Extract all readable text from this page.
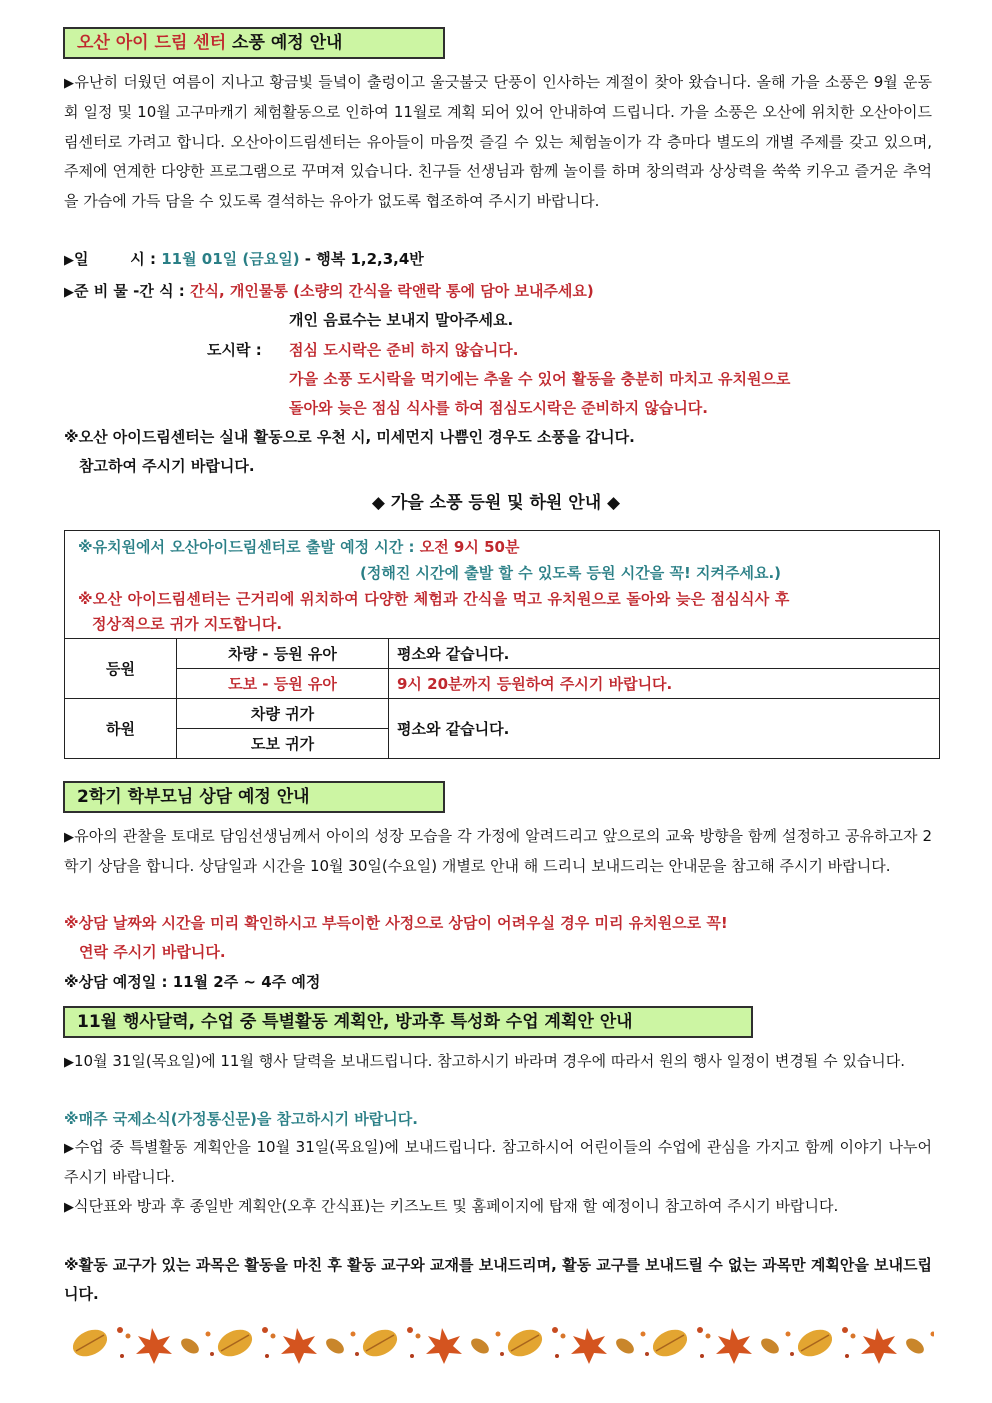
오산 아이 드림 센터 소풍 예정 안내
▶유난히 더웠던 여름이 지나고 황금빛 들녘이 출렁이고 울긋불긋 단풍이 인사하는 계절이 찾아 왔습니다. 올해 가을 소풍은 9월 운동회 일정 및 10월 고구마캐기 체험활동으로 인하여 11월로 계획 되어 있어 안내하여 드립니다. 가을 소풍은 오산에 위치한 오산아이드림센터로 가려고 합니다. 오산아이드림센터는 유아들이 마음껏 즐길 수 있는 체험놀이가 각 층마다 별도의 개별 주제를 갖고 있으며, 주제에 연계한 다양한 프로그램으로 꾸며져 있습니다. 친구들 선생님과 함께 놀이를 하며 창의력과 상상력을 쑥쑥 키우고 즐거운 추억을 가슴에 가득 담을 수 있도록 결석하는 유아가 없도록 협조하여 주시기 바랍니다.
▶일        시 : 11월 01일 (금요일) - 행복 1,2,3,4반
▶준 비 물 -간 식 : 간식, 개인물통 (소량의 간식을 락앤락 통에 담아 보내주세요)
개인 음료수는 보내지 말아주세요.
도시락 : 점심 도시락은 준비 하지 않습니다.
가을 소풍 도시락을 먹기에는 추울 수 있어 활동을 충분히 마치고 유치원으로
돌아와 늦은 점심 식사를 하여 점심도시락은 준비하지 않습니다.
※오산 아이드림센터는 실내 활동으로 우천 시, 미세먼지 나쁨인 경우도 소풍을 갑니다.
참고하여 주시기 바랍니다.
◆ 가을 소풍 등원 및 하원 안내 ◆
※유치원에서 오산아이드림센터로 출발 예정 시간 : 오전 9시 50분
(정해진 시간에 출발 할 수 있도록 등원 시간을 꼭! 지켜주세요.)
※오산 아이드림센터는 근거리에 위치하여 다양한 체험과 간식을 먹고 유치원으로 돌아와 늦은 점심식사 후
정상적으로 귀가 지도합니다.
등원	차량 - 등원 유아	평소와 같습니다.
	도보 - 등원 유아	9시 20분까지 등원하여 주시기 바랍니다.
하원	차량 귀가	평소와 같습니다.
	도보 귀가	
2학기 학부모님 상담 예정 안내
▶유아의 관찰을 토대로 담임선생님께서 아이의 성장 모습을 각 가정에 알려드리고 앞으로의 교육 방향을 함께 설정하고 공유하고자 2학기 상담을 합니다. 상담일과 시간을 10월 30일(수요일) 개별로 안내 해 드리니 보내드리는 안내문을 참고해 주시기 바랍니다.
※상담 날짜와 시간을 미리 확인하시고 부득이한 사정으로 상담이 어려우실 경우 미리 유치원으로 꼭!
연락 주시기 바랍니다.
※상담 예정일 : 11월 2주 ~ 4주 예정
11월 행사달력, 수업 중 특별활동 계획안, 방과후 특성화 수업 계획안 안내
▶10월 31일(목요일)에 11월 행사 달력을 보내드립니다. 참고하시기 바라며 경우에 따라서 원의 행사 일정이 변경될 수 있습니다.
※매주 국제소식(가정통신문)을 참고하시기 바랍니다.
▶수업 중 특별활동 계획안을 10월 31일(목요일)에 보내드립니다. 참고하시어 어린이들의 수업에 관심을 가지고 함께 이야기 나누어 주시기 바랍니다.
▶식단표와 방과 후 종일반 계획안(오후 간식표)는 키즈노트 및 홈페이지에 탑재 할 예정이니 참고하여 주시기 바랍니다.
※활동 교구가 있는 과목은 활동을 마친 후 활동 교구와 교재를 보내드리며, 활동 교구를 보내드릴 수 없는 과목만 계획안을 보내드립니다.
